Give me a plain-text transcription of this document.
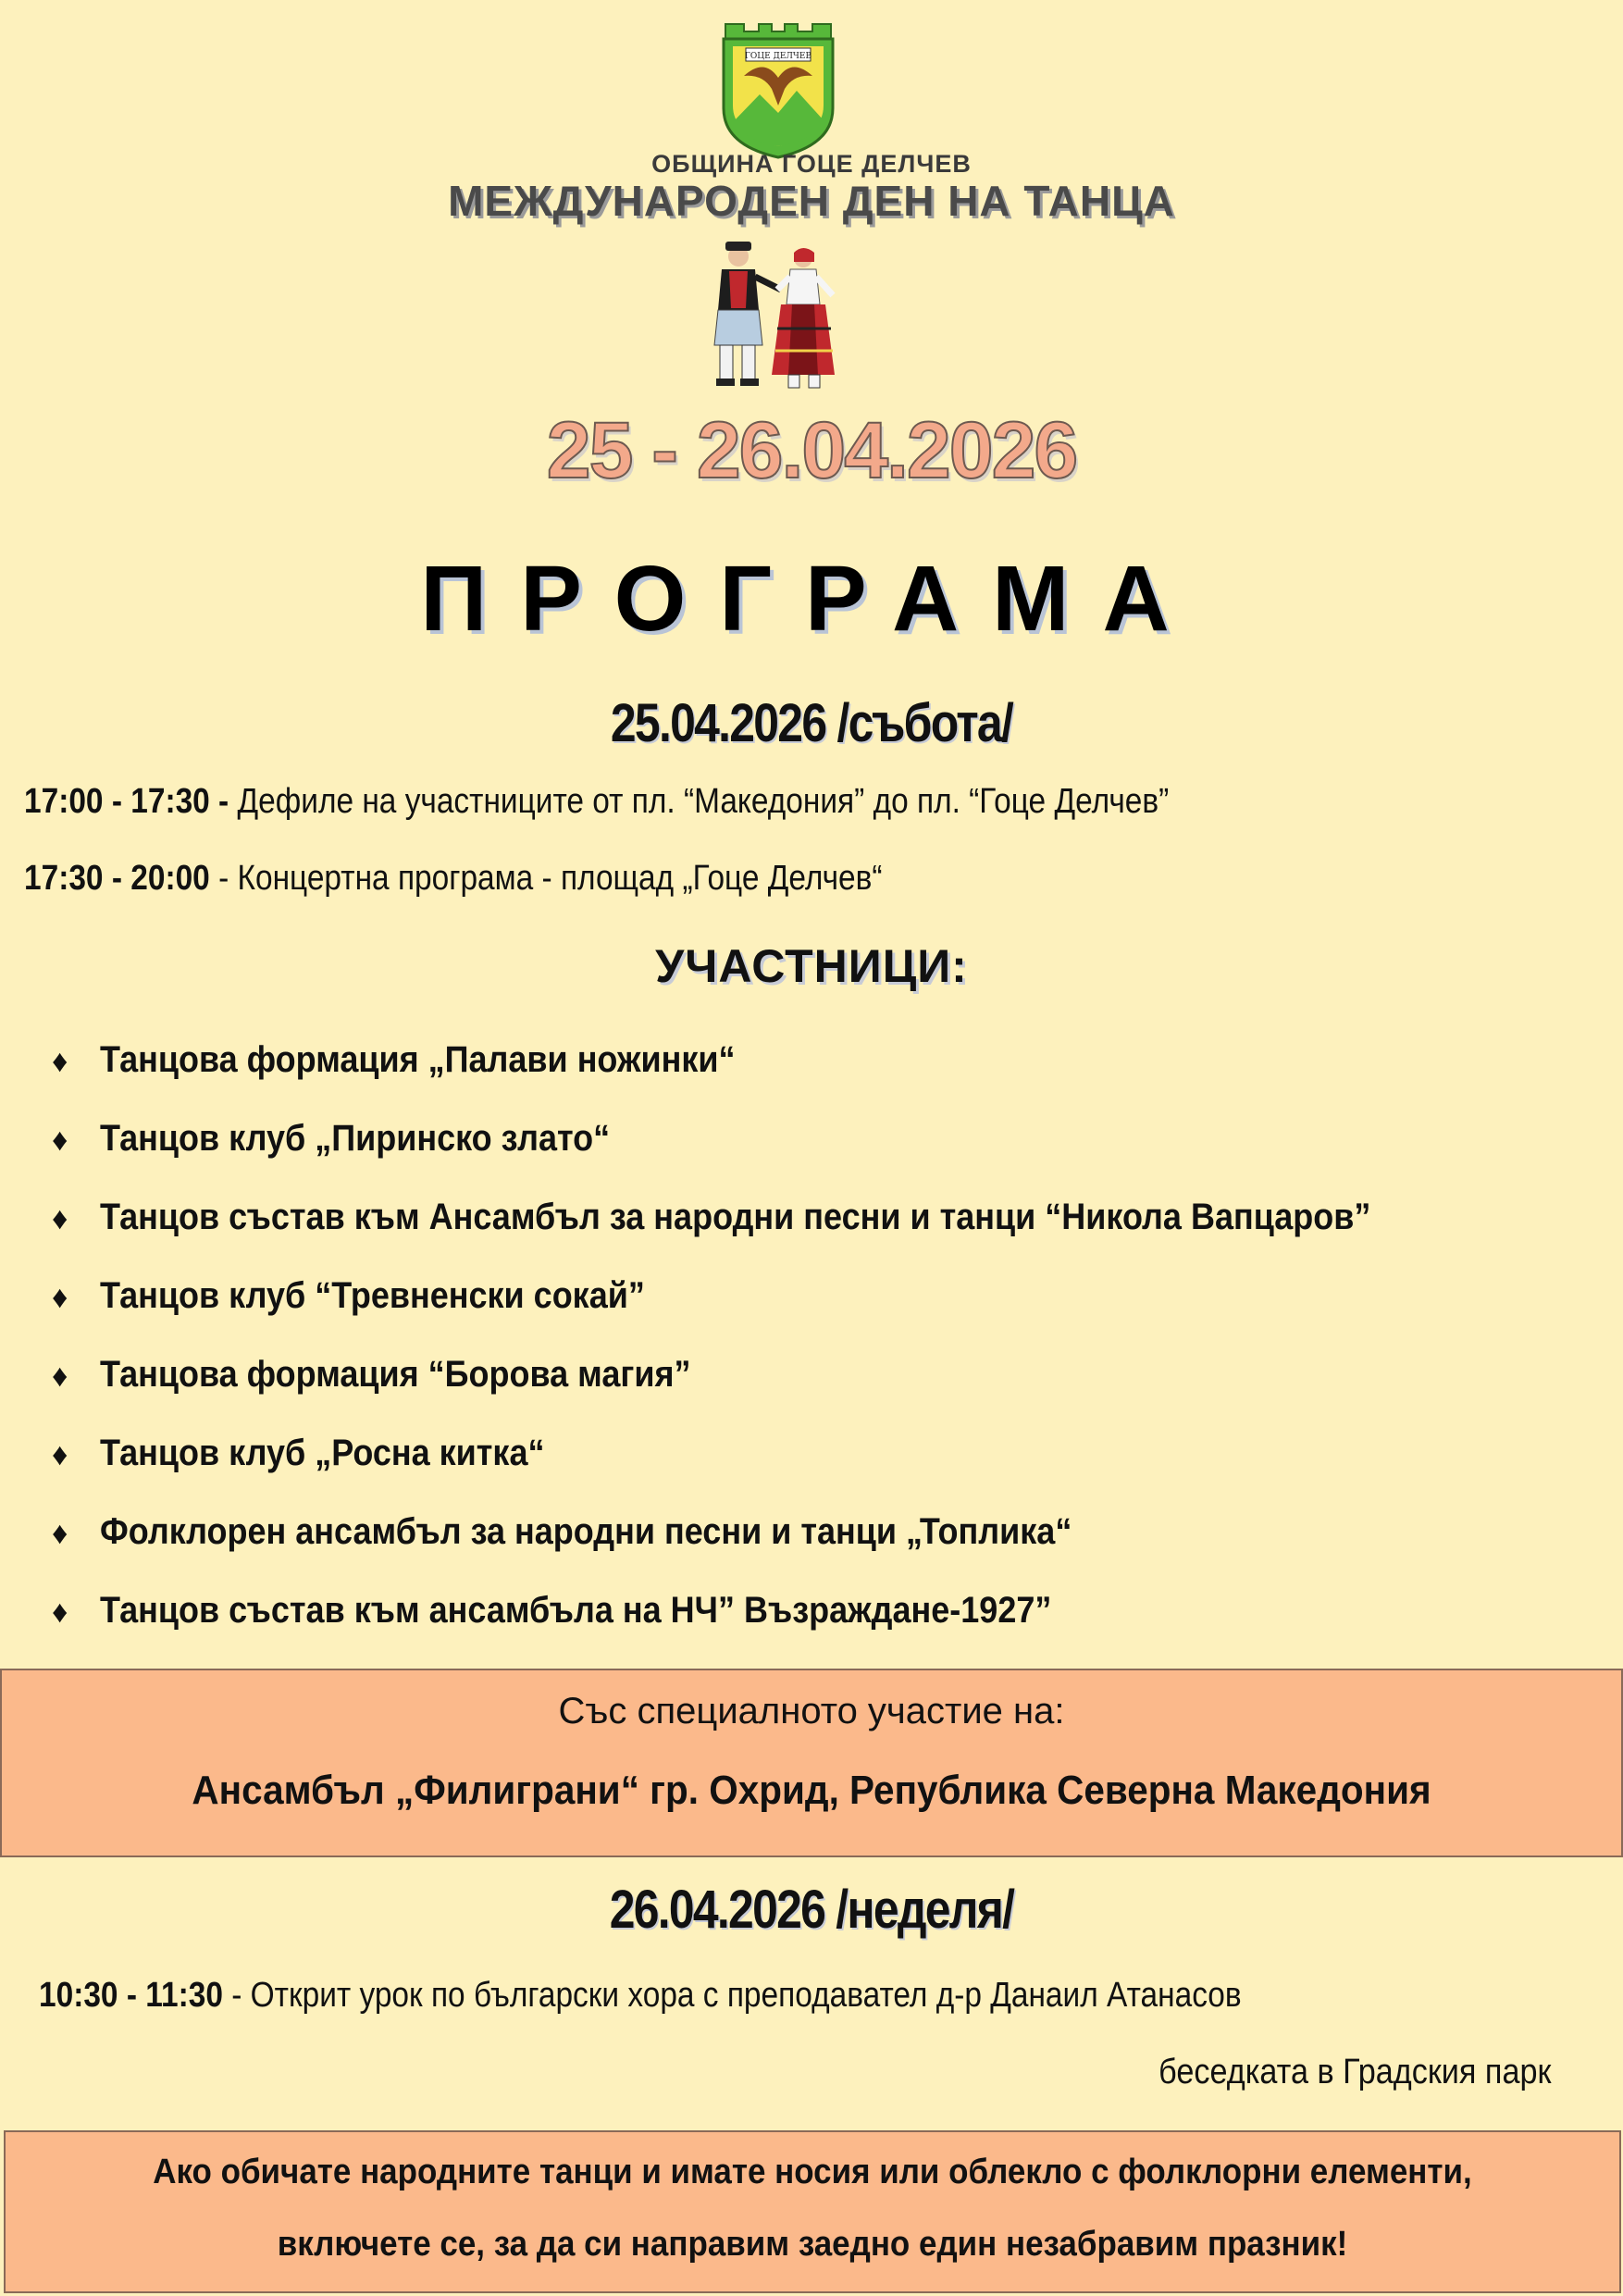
ГОЦЕ ДЕЛЧЕВ
ОБЩИНА ГОЦЕ ДЕЛЧЕВ
МЕЖДУНАРОДЕН ДЕН НА ТАНЦА
25 - 26.04.2026
ПРОГРАМА
25.04.2026 /събота/
17:00 - 17:30 - Дефиле на участниците от пл. “Македония” до пл. “Гоце Делчев”
17:30 - 20:00 - Концертна програма - площад „Гоце Делчев“
УЧАСТНИЦИ:
♦ Танцова формация „Палави ножинки“
♦ Танцов клуб „Пиринско злато“
♦ Танцов състав към Ансамбъл за народни песни и танци “Никола Вапцаров”
♦ Танцов клуб “Тревненски сокай”
♦ Танцова формация “Борова магия”
♦ Танцов клуб „Росна китка“
♦ Фолклорен ансамбъл за народни песни и танци „Топлика“
♦ Танцов състав към ансамбъла на НЧ” Възраждане-1927”
Със специалното участие на:
Ансамбъл „Филиграни“ гр. Охрид, Република Северна Македония
26.04.2026 /неделя/
10:30 - 11:30 - Открит урок по български хора с преподавател д-р Данаил Атанасов
беседката в Градския парк
Ако обичате народните танци и имате носия или облекло с фолклорни елементи,
включете се, за да си направим заедно един незабравим празник!
